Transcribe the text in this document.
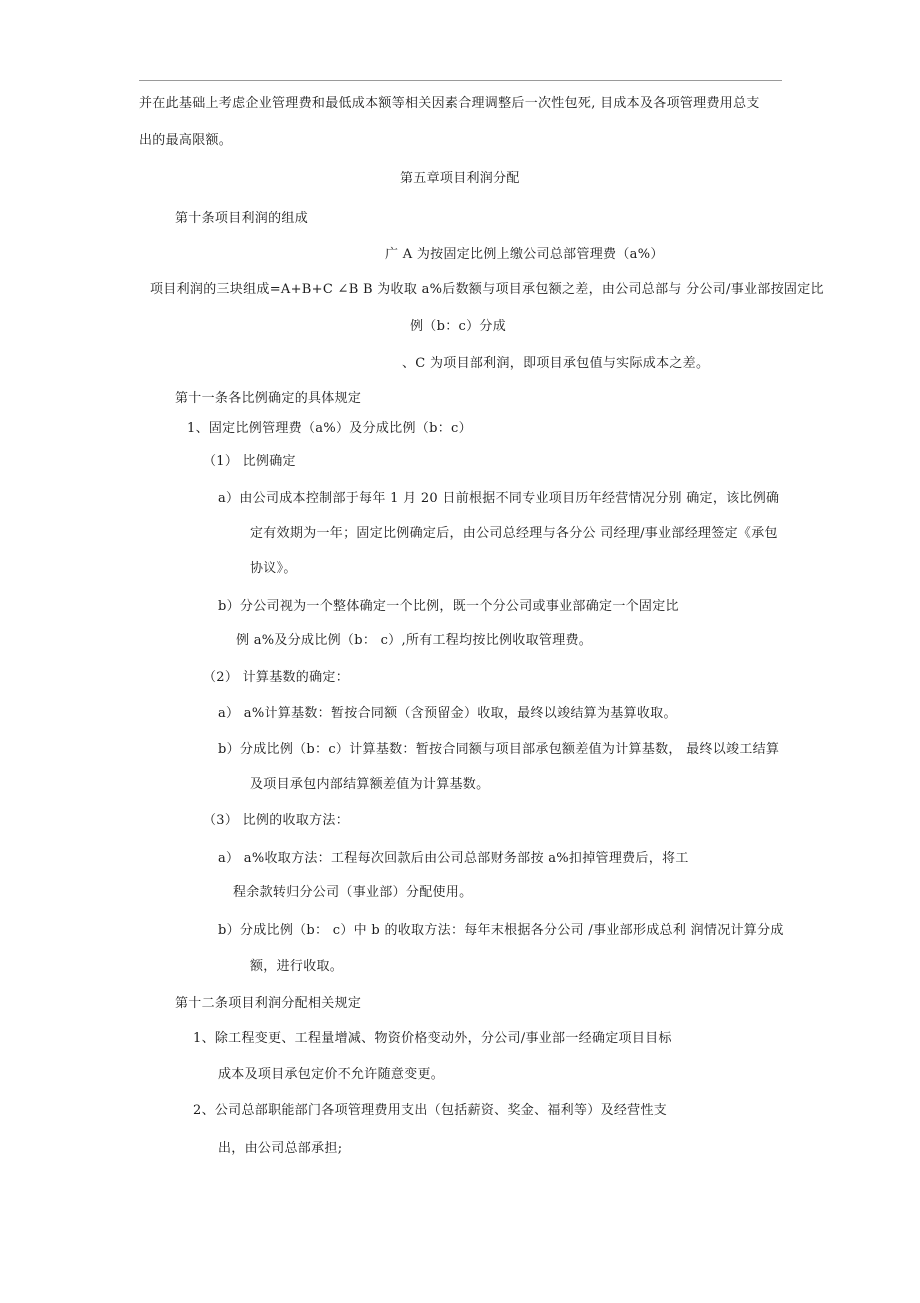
并在此基础上考虑企业管理费和最低成本额等相关因素合理调整后一次性包死, 目成本及各项管理费用总支
出的最高限额。
第五章项目利润分配
第十条项目利润的组成
广 A 为按固定比例上缴公司总部管理费（a%）
项目利润的三块组成=A+B+C ∠B B 为收取 a%后数额与项目承包额之差，由公司总部与 分公司/事业部按固定比
例（b：c）分成
、C 为项目部利润，即项目承包值与实际成本之差。
第十一条各比例确定的具体规定
1、固定比例管理费（a%）及分成比例（b：c）
（1） 比例确定
a）由公司成本控制部于每年 1 月 20 日前根据不同专业项目历年经营情况分别 确定，该比例确
定有效期为一年；固定比例确定后，由公司总经理与各分公 司经理/事业部经理签定《承包
协议》。
b）分公司视为一个整体确定一个比例，既一个分公司或事业部确定一个固定比
例 a%及分成比例（b： c）,所有工程均按比例收取管理费。
（2） 计算基数的确定：
a） a%计算基数：暂按合同额（含预留金）收取，最终以竣结算为基算收取。
b）分成比例（b：c）计算基数：暂按合同额与项目部承包额差值为计算基数， 最终以竣工结算
及项目承包内部结算额差值为计算基数。
（3） 比例的收取方法：
a） a%收取方法：工程每次回款后由公司总部财务部按 a%扣掉管理费后，将工
程余款转归分公司（事业部）分配使用。
b）分成比例（b： c）中 b 的收取方法：每年末根据各分公司 /事业部形成总利 润情况计算分成
额，进行收取。
第十二条项目利润分配相关规定
1、除工程变更、工程量增减、物资价格变动外，分公司/事业部一经确定项目目标
成本及项目承包定价不允许随意变更。
2、公司总部职能部门各项管理费用支出（包括薪资、奖金、福利等）及经营性支
出，由公司总部承担;
